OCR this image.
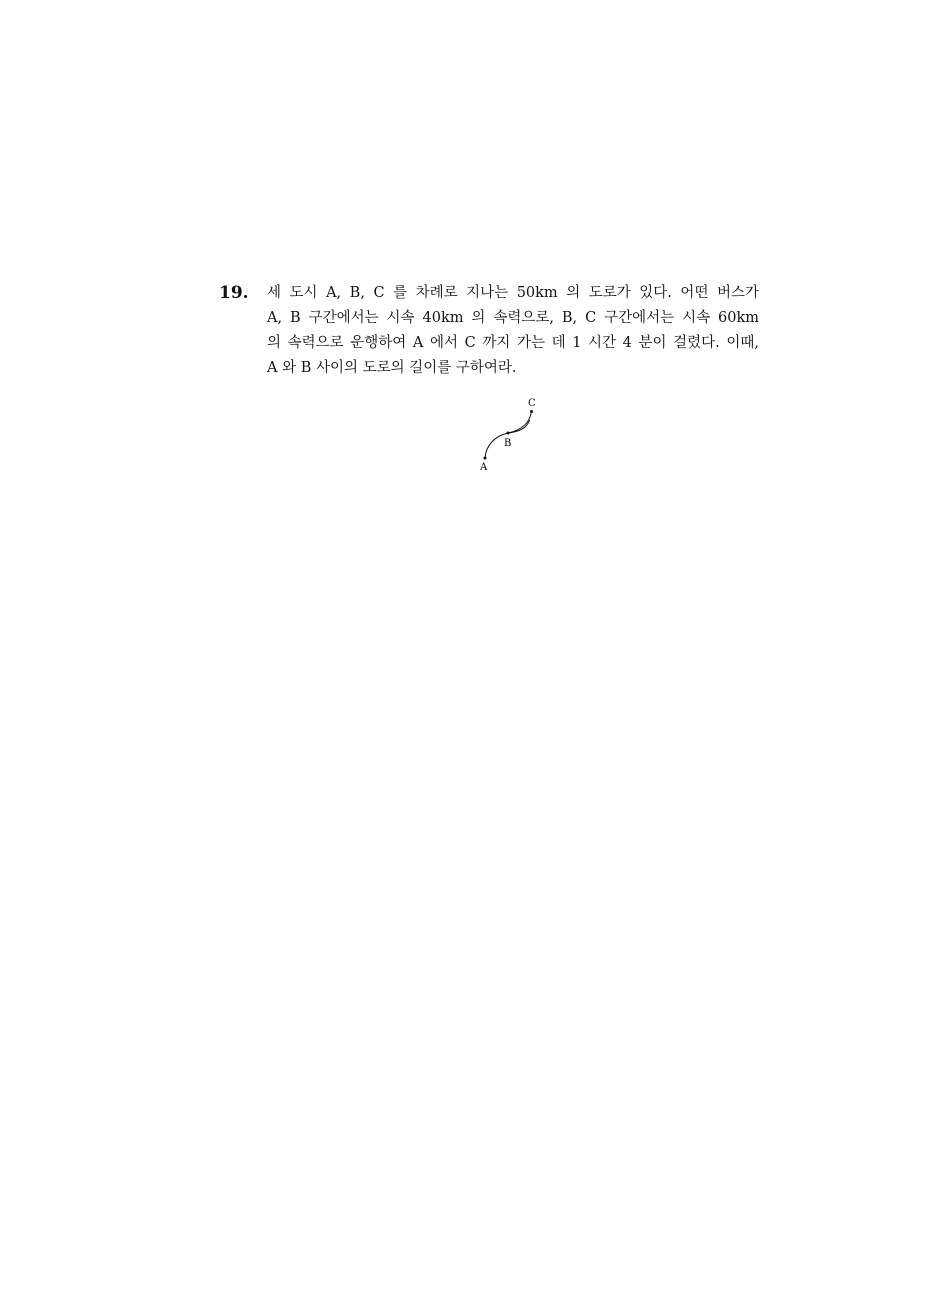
19. 세 도시 A, B, C 를 차례로 지나는 50km 의 도로가 있다. 어떤 버스가
A, B 구간에서는 시속 40km 의 속력으로, B, C 구간에서는 시속 60km
의 속력으로 운행하여 A 에서 C 까지 가는 데 1 시간 4 분이 걸렸다. 이때,
A 와 B 사이의 도로의 길이를 구하여라.
A
B
C
